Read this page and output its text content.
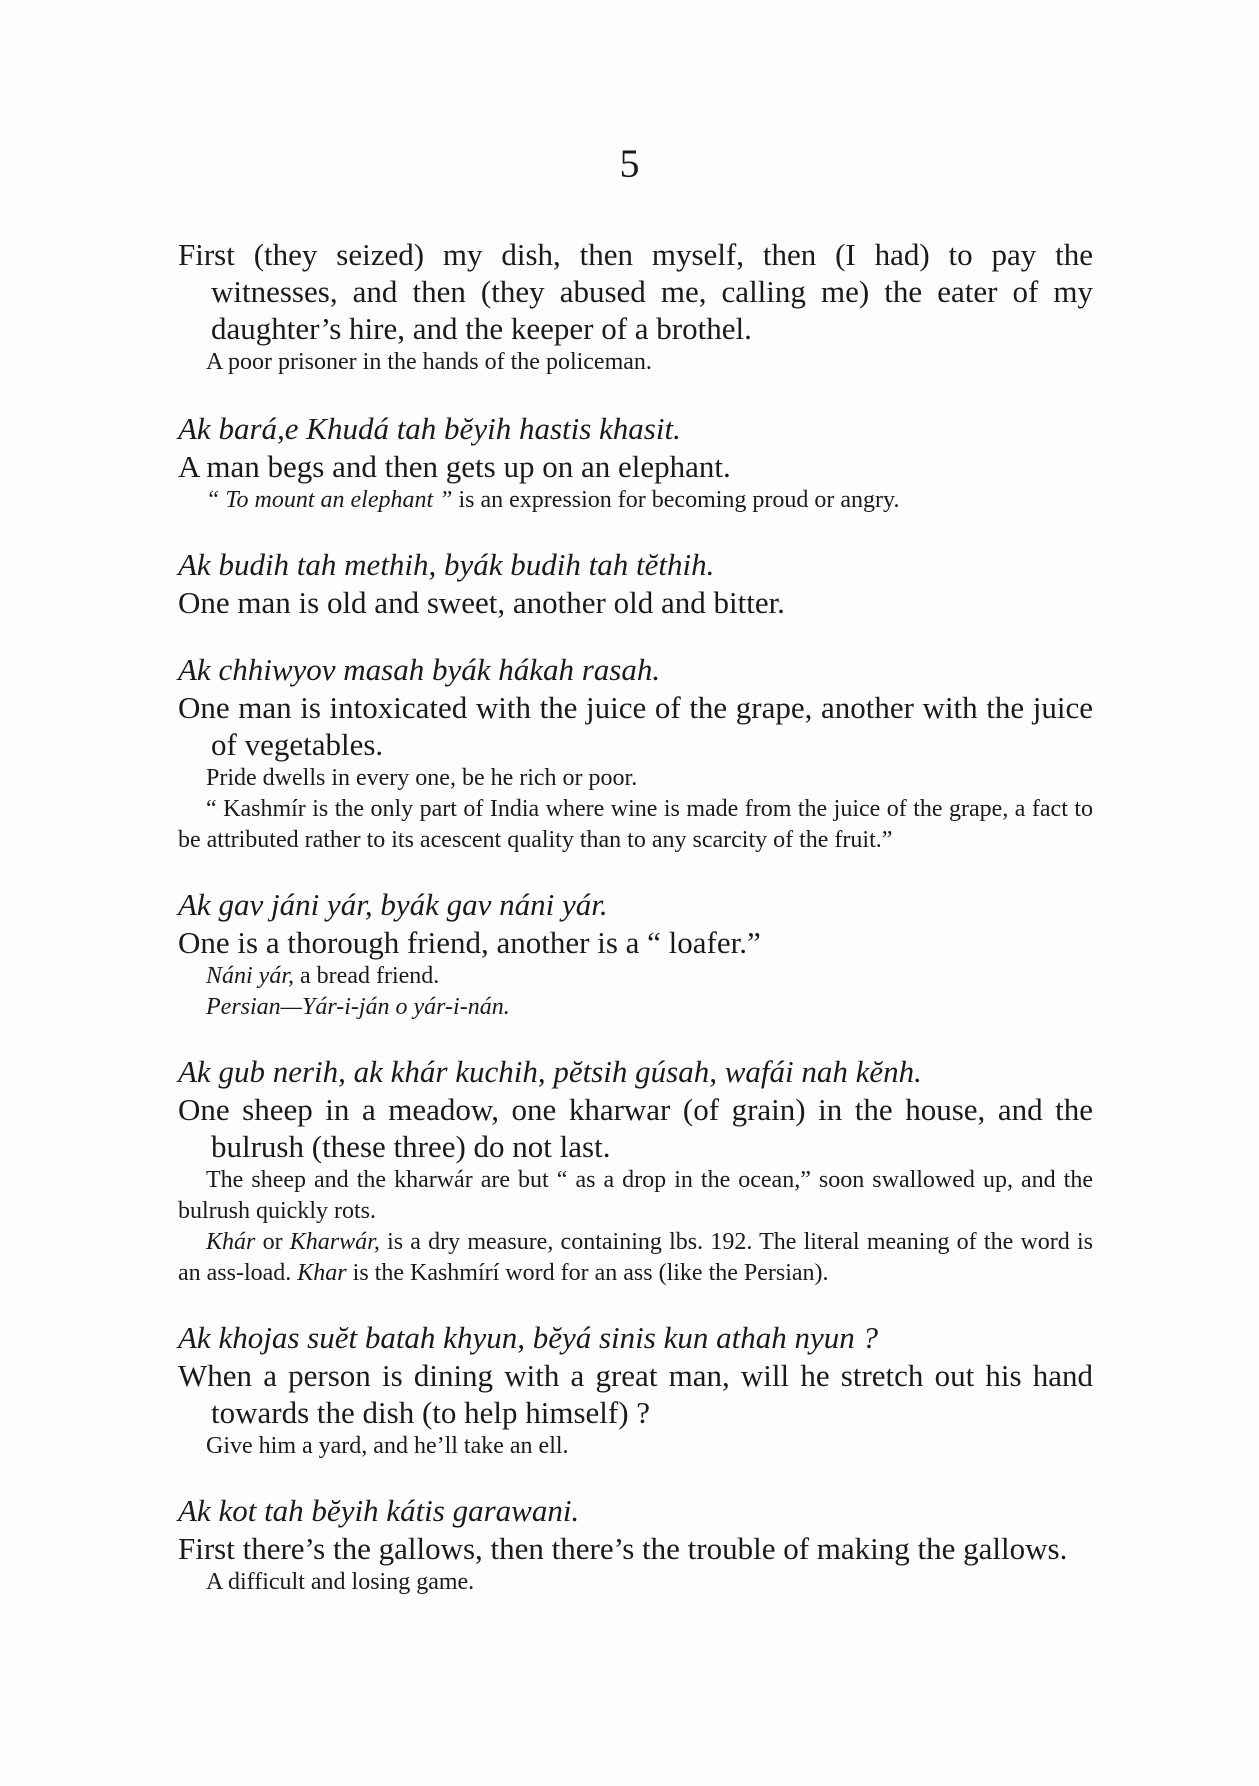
5

First (they seized) my dish, then myself, then (I had) to pay the witnesses, and then (they abused me, calling me) the eater of my daughter’s hire, and the keeper of a brothel.

A poor prisoner in the hands of the policeman.

Ak bará,e Khudá tah bĕyih hastis khasit.

A man begs and then gets up on an elephant.

“ To mount an elephant ” is an expression for becoming proud or angry.

Ak budih tah methih, byák budih tah tĕthih.

One man is old and sweet, another old and bitter.

Ak chhiwyov masah byák hákah rasah.

One man is intoxicated with the juice of the grape, another with the juice of vegetables.

Pride dwells in every one, be he rich or poor.

“ Kashmír is the only part of India where wine is made from the juice of the grape, a fact to be attributed rather to its acescent quality than to any scarcity of the fruit.”

Ak gav jáni yár, byák gav náni yár.

One is a thorough friend, another is a “ loafer.”

Náni yár, a bread friend.

Persian—Yár-i-ján o yár-i-nán.

Ak gub nerih, ak khár kuchih, pĕtsih gúsah, wafái nah kĕnh.

One sheep in a meadow, one kharwar (of grain) in the house, and the bulrush (these three) do not last.

The sheep and the kharwár are but “ as a drop in the ocean,” soon swallowed up, and the bulrush quickly rots.

Khár or Kharwár, is a dry measure, containing lbs. 192. The literal meaning of the word is an ass-load. Khar is the Kashmírí word for an ass (like the Persian).

Ak khojas suĕt batah khyun, bĕyá sinis kun athah nyun ?

When a person is dining with a great man, will he stretch out his hand towards the dish (to help himself) ?

Give him a yard, and he’ll take an ell.

Ak kot tah bĕyih kátis garawani.

First there’s the gallows, then there’s the trouble of making the gallows.

A difficult and losing game.
